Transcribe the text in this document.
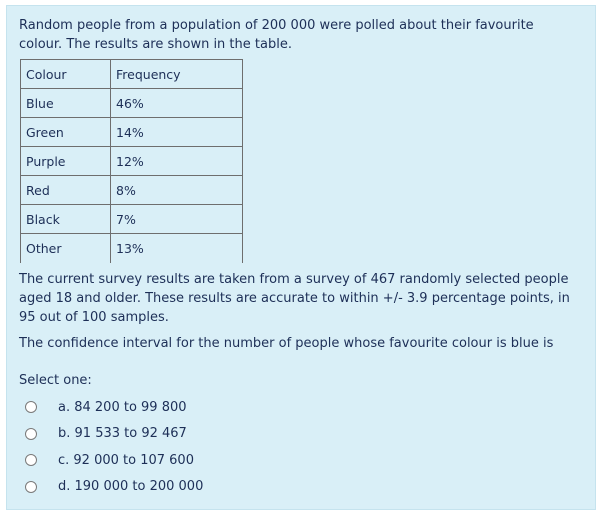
Random people from a population of 200 000 were polled about their favourite colour. The results are shown in the table.

Colour	Frequency
Blue	46%
Green	14%
Purple	12%
Red	8%
Black	7%
Other	13%

The current survey results are taken from a survey of 467 randomly selected people aged 18 and older. These results are accurate to within +/- 3.9 percentage points, in 95 out of 100 samples.

The confidence interval for the number of people whose favourite colour is blue is

Select one:

a. 84 200 to 99 800
b. 91 533 to 92 467
c. 92 000 to 107 600
d. 190 000 to 200 000
